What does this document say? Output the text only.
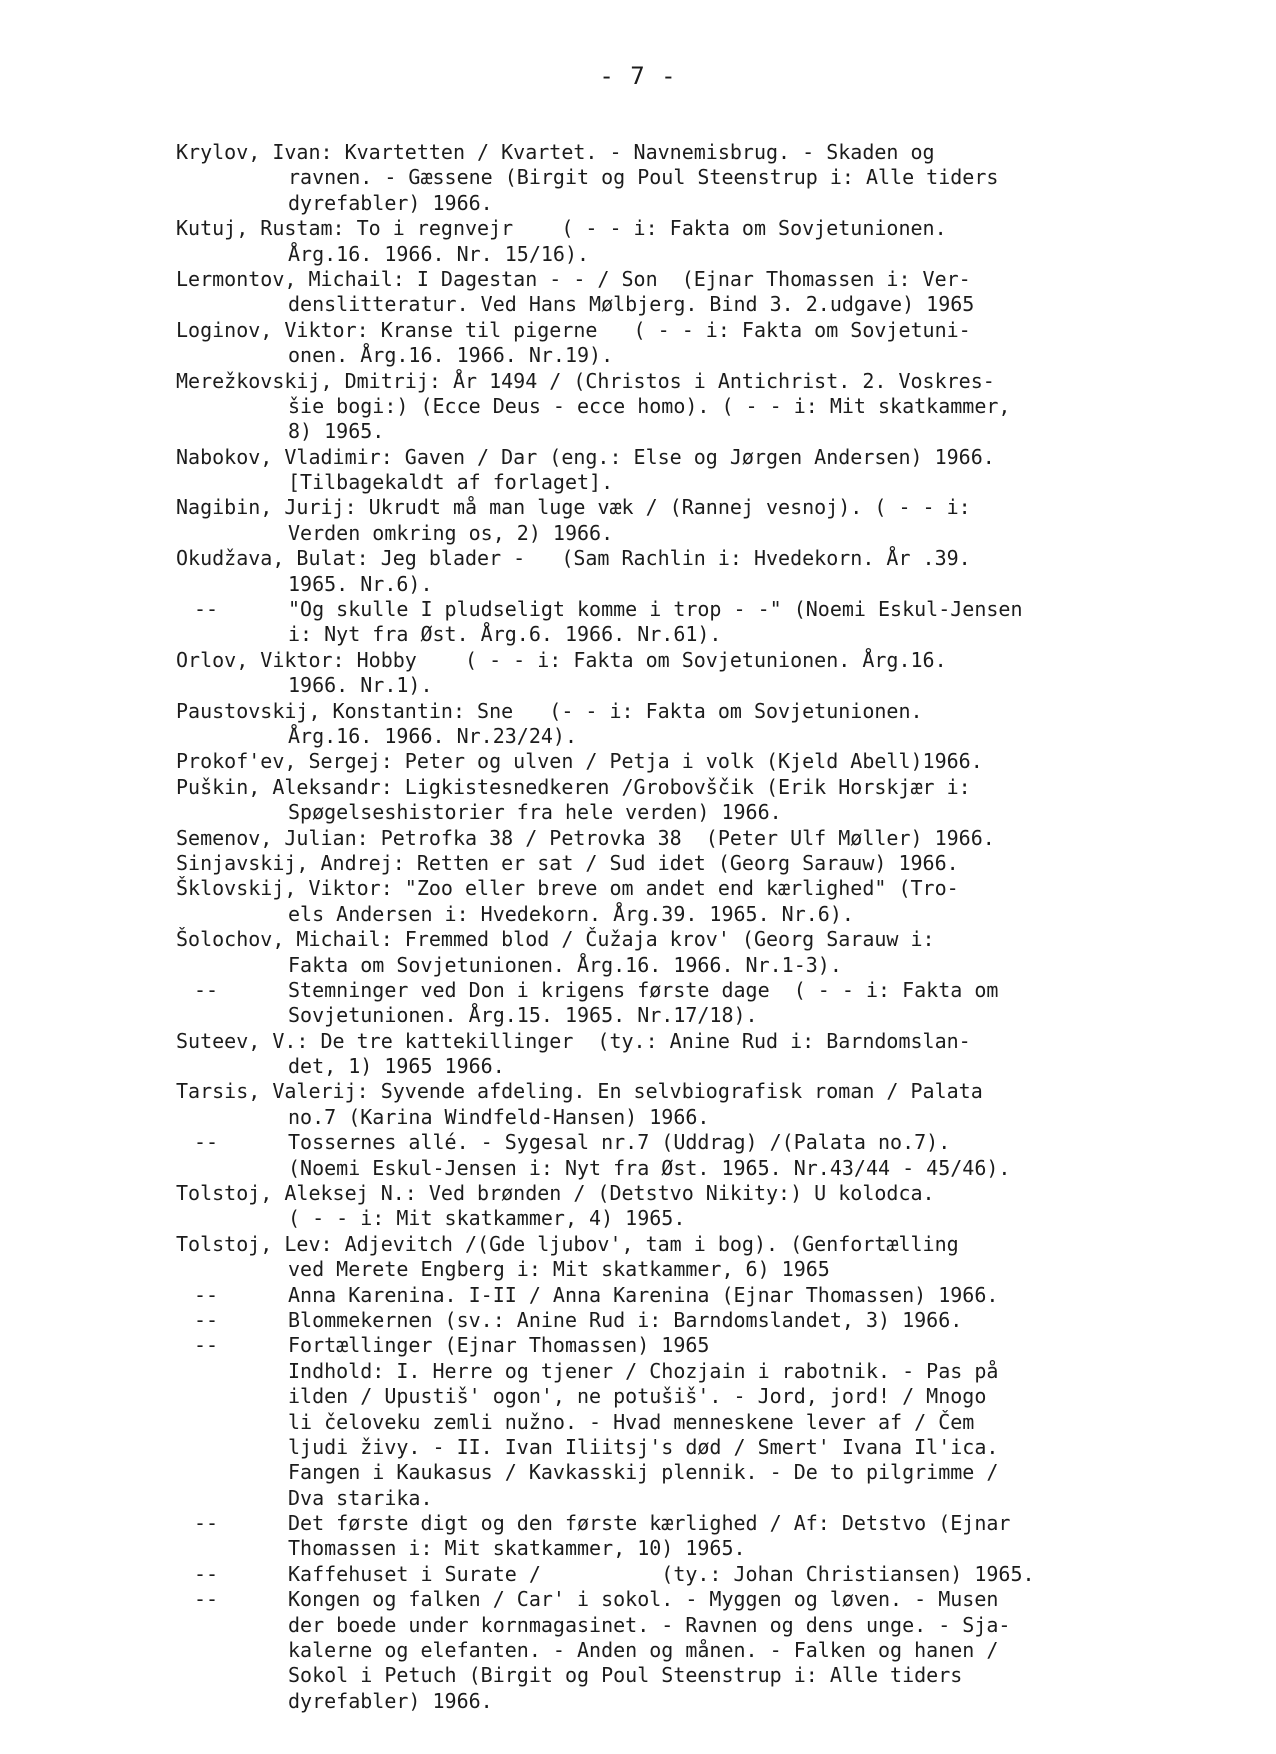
- 7 -
Krylov, Ivan: Kvartetten / Kvartet. - Navnemisbrug. - Skaden og
ravnen. - Gæssene (Birgit og Poul Steenstrup i: Alle tiders
dyrefabler) 1966.
Kutuj, Rustam: To i regnvejr    ( - - i: Fakta om Sovjetunionen.
Årg.16. 1966. Nr. 15/16).
Lermontov, Michail: I Dagestan - - / Son  (Ejnar Thomassen i: Ver-
denslitteratur. Ved Hans Mølbjerg. Bind 3. 2.udgave) 1965
Loginov, Viktor: Kranse til pigerne   ( - - i: Fakta om Sovjetuni-
onen. Årg.16. 1966. Nr.19).
Merežkovskij, Dmitrij: År 1494 / (Christos i Antichrist. 2. Voskres-
šie bogi:) (Ecce Deus - ecce homo). ( - - i: Mit skatkammer,
8) 1965.
Nabokov, Vladimir: Gaven / Dar (eng.: Else og Jørgen Andersen) 1966.
[Tilbagekaldt af forlaget].
Nagibin, Jurij: Ukrudt må man luge væk / (Rannej vesnoj). ( - - i:
Verden omkring os, 2) 1966.
Okudžava, Bulat: Jeg blader -   (Sam Rachlin i: Hvedekorn. År .39.
1965. Nr.6).
--	"Og skulle I pludseligt komme i trop - -" (Noemi Eskul-Jensen
i: Nyt fra Øst. Årg.6. 1966. Nr.61).
Orlov, Viktor: Hobby    ( - - i: Fakta om Sovjetunionen. Årg.16.
1966. Nr.1).
Paustovskij, Konstantin: Sne   (- - i: Fakta om Sovjetunionen.
Årg.16. 1966. Nr.23/24).
Prokof'ev, Sergej: Peter og ulven / Petja i volk (Kjeld Abell)1966.
Puškin, Aleksandr: Ligkistesnedkeren /Grobovščik (Erik Horskjær i:
Spøgelseshistorier fra hele verden) 1966.
Semenov, Julian: Petrofka 38 / Petrovka 38  (Peter Ulf Møller) 1966.
Sinjavskij, Andrej: Retten er sat / Sud idet (Georg Sarauw) 1966.
Šklovskij, Viktor: "Zoo eller breve om andet end kærlighed" (Tro-
els Andersen i: Hvedekorn. Årg.39. 1965. Nr.6).
Šolochov, Michail: Fremmed blod / Čužaja krov' (Georg Sarauw i:
Fakta om Sovjetunionen. Årg.16. 1966. Nr.1-3).
--	Stemninger ved Don i krigens første dage  ( - - i: Fakta om
Sovjetunionen. Årg.15. 1965. Nr.17/18).
Suteev, V.: De tre kattekillinger  (ty.: Anine Rud i: Barndomslan-
det, 1) 1965 1966.
Tarsis, Valerij: Syvende afdeling. En selvbiografisk roman / Palata
no.7 (Karina Windfeld-Hansen) 1966.
--	Tossernes allé. - Sygesal nr.7 (Uddrag) /(Palata no.7).
(Noemi Eskul-Jensen i: Nyt fra Øst. 1965. Nr.43/44 - 45/46).
Tolstoj, Aleksej N.: Ved brønden / (Detstvo Nikity:) U kolodca.
( - - i: Mit skatkammer, 4) 1965.
Tolstoj, Lev: Adjevitch /(Gde ljubov', tam i bog). (Genfortælling
ved Merete Engberg i: Mit skatkammer, 6) 1965
--	Anna Karenina. I-II / Anna Karenina (Ejnar Thomassen) 1966.
--	Blommekernen (sv.: Anine Rud i: Barndomslandet, 3) 1966.
--	Fortællinger (Ejnar Thomassen) 1965
Indhold: I. Herre og tjener / Chozjain i rabotnik. - Pas på
ilden / Upustiš' ogon', ne potušiš'. - Jord, jord! / Mnogo
li čeloveku zemli nužno. - Hvad menneskene lever af / Čem
ljudi živy. - II. Ivan Iliitsj's død / Smert' Ivana Il'ica.
Fangen i Kaukasus / Kavkasskij plennik. - De to pilgrimme /
Dva starika.
--	Det første digt og den første kærlighed / Af: Detstvo (Ejnar
Thomassen i: Mit skatkammer, 10) 1965.
--	Kaffehuset i Surate /          (ty.: Johan Christiansen) 1965.
--	Kongen og falken / Car' i sokol. - Myggen og løven. - Musen
der boede under kornmagasinet. - Ravnen og dens unge. - Sja-
kalerne og elefanten. - Anden og månen. - Falken og hanen /
Sokol i Petuch (Birgit og Poul Steenstrup i: Alle tiders
dyrefabler) 1966.
